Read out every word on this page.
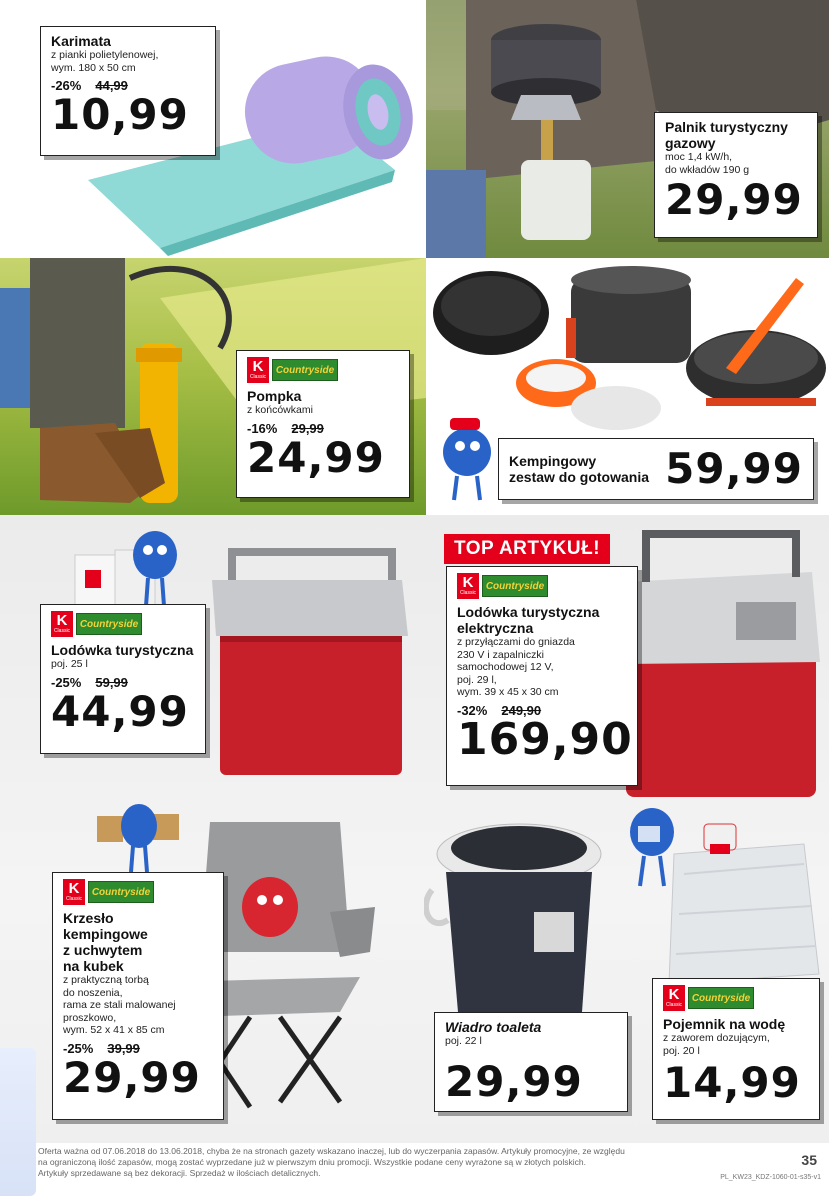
Karimata
z pianki polietylenowej,
wym. 180 x 50 cm
-26% 44,99
10,99	Palnik turystyczny
gazowy
moc 1,4 kW/h,
do wkładów 190 g
29,99
K
Classic
Countryside
Pompka
z końcówkami
-16% 29,99
24,99	Kempingowy
zestaw do gotowania 59,99
K
Classic
Countryside
Lodówka turystyczna
poj. 25 l
-25% 59,99
44,99
TOP ARTYKUŁ!
K
Classic
Countryside
Lodówka turystyczna
elektryczna
z przyłączami do gniazda
230 V i zapalniczki
samochodowej 12 V,
poj. 29 l,
wym. 39 x 45 x 30 cm
-32% 249,90
169,90
K
Classic
Countryside
Krzesło
kempingowe
z uchwytem
na kubek
z praktyczną torbą
do noszenia,
rama ze stali malowanej
proszkowo,
wym. 52 x 41 x 85 cm
-25% 39,99
29,99
Wiadro toaleta
poj. 22 l
29,99
K
Classic
Countryside
Pojemnik na wodę
z zaworem dozującym,
poj. 20 l
14,99
Oferta ważna od 07.06.2018 do 13.06.2018, chyba że na stronach gazety wskazano inaczej, lub do wyczerpania zapasów. Artykuły promocyjne, ze względu
na ograniczoną ilość zapasów, mogą zostać wyprzedane już w pierwszym dniu promocji. Wszystkie podane ceny wyrażone są w złotych polskich.
Artykuły sprzedawane są bez dekoracji. Sprzedaż w ilościach detalicznych.
35
PL_KW23_KDZ-1060-01-s35-v1
